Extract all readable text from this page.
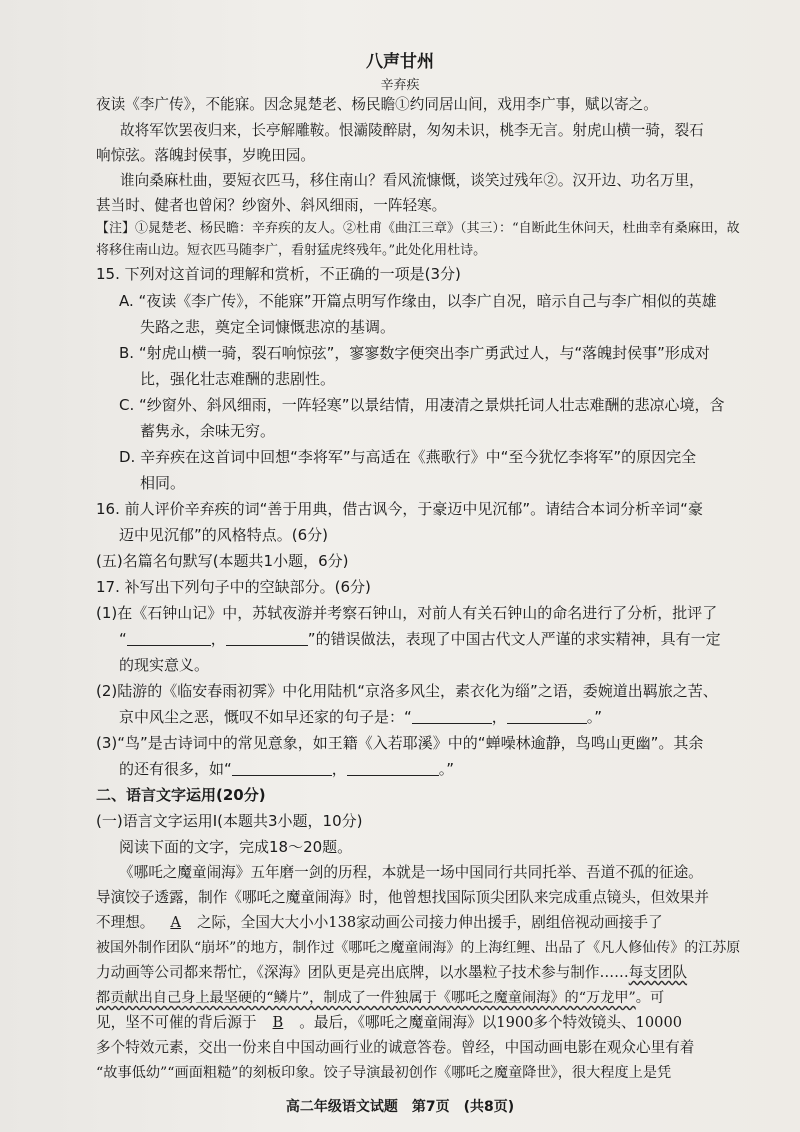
八声甘州
辛弃疾
夜读《李广传》，不能寐。因念晁楚老、杨民瞻①约同居山间，戏用李广事，赋以寄之。
故将军饮罢夜归来，长亭解雕鞍。恨灞陵醉尉，匆匆未识，桃李无言。射虎山横一骑，裂石
响惊弦。落魄封侯事，岁晚田园。
谁向桑麻杜曲，要短衣匹马，移住南山？看风流慷慨，谈笑过残年②。汉开边、功名万里，
甚当时、健者也曾闲？纱窗外、斜风细雨，一阵轻寒。
【注】①晁楚老、杨民瞻：辛弃疾的友人。②杜甫《曲江三章》（其三）：“自断此生休问天，杜曲幸有桑麻田，故
将移住南山边。短衣匹马随李广，看射猛虎终残年。”此处化用杜诗。
15. 下列对这首词的理解和赏析，不正确的一项是(3分)
A. “夜读《李广传》，不能寐”开篇点明写作缘由，以李广自况，暗示自己与李广相似的英雄
失路之悲，奠定全词慷慨悲凉的基调。
B. “射虎山横一骑，裂石响惊弦”，寥寥数字便突出李广勇武过人，与“落魄封侯事”形成对
比，强化壮志难酬的悲剧性。
C. “纱窗外、斜风细雨，一阵轻寒”以景结情，用凄清之景烘托词人壮志难酬的悲凉心境，含
蓄隽永，余味无穷。
D. 辛弃疾在这首词中回想“李将军”与高适在《燕歌行》中“至今犹忆李将军”的原因完全
相同。
16. 前人评价辛弃疾的词“善于用典，借古讽今，于豪迈中见沉郁”。请结合本词分析辛词“豪
迈中见沉郁”的风格特点。(6分)
(五)名篇名句默写(本题共1小题，6分)
17. 补写出下列句子中的空缺部分。(6分)
(1)在《石钟山记》中，苏轼夜游并考察石钟山，对前人有关石钟山的命名进行了分析，批评了
“	，	”的错误做法，表现了中国古代文人严谨的求实精神，具有一定
的现实意义。
(2)陆游的《临安春雨初霁》中化用陆机“京洛多风尘，素衣化为缁”之语，委婉道出羁旅之苦、
京中风尘之恶，慨叹不如早还家的句子是：“	，	。”
(3)“鸟”是古诗词中的常见意象，如王籍《入若耶溪》中的“蝉噪林逾静，鸟鸣山更幽”。其余
的还有很多，如“	，	。”
二、语言文字运用(20分)
(一)语言文字运用Ⅰ(本题共3小题，10分)
阅读下面的文字，完成18～20题。
《哪吒之魔童闹海》五年磨一剑的历程，本就是一场中国同行共同托举、吾道不孤的征途。
导演饺子透露，制作《哪吒之魔童闹海》时，他曾想找国际顶尖团队来完成重点镜头，但效果并
不理想。 A 之际，全国大大小小138家动画公司接力伸出援手，剧组倍视动画接手了
被国外制作团队“崩坏”的地方，制作过《哪吒之魔童闹海》的上海红鲤、出品了《凡人修仙传》的江苏原
力动画等公司都来帮忙，《深海》团队更是亮出底牌，以水墨粒子技术参与制作……每支团队
都贡献出自己身上最坚硬的“鳞片”，制成了一件独属于《哪吒之魔童闹海》的“万龙甲”。可
见，坚不可催的背后源于 B 。最后，《哪吒之魔童闹海》以1900多个特效镜头、10000
多个特效元素，交出一份来自中国动画行业的诚意答卷。曾经，中国动画电影在观众心里有着
“故事低幼”“画面粗糙”的刻板印象。饺子导演最初创作《哪吒之魔童降世》，很大程度上是凭
高二年级语文试题　第7页　(共8页)
